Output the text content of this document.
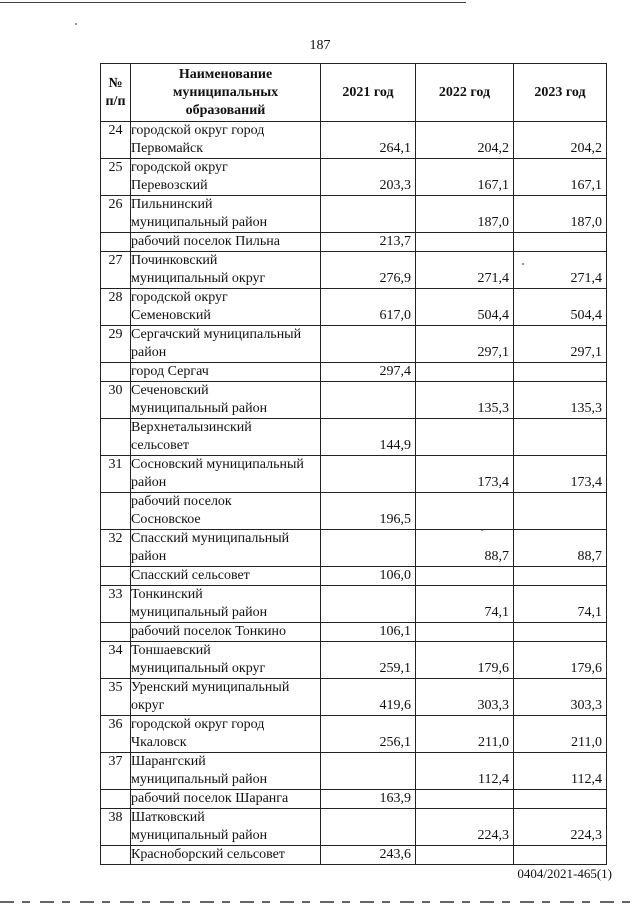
187
№
п/п	Наименование
муниципальных
образований	2021 год	2022 год	2023 год
24	городской округ город
Первомайск	264,1	204,2	204,2
25	городской округ
Перевозский	203,3	167,1	167,1
26	Пильнинский
муниципальный район		187,0	187,0
	рабочий поселок Пильна	213,7		
27	Починковский
муниципальный округ	276,9	271,4	271,4
28	городской округ
Семеновский	617,0	504,4	504,4
29	Сергачский муниципальный
район		297,1	297,1
	город Сергач	297,4		
30	Сеченовский
муниципальный район		135,3	135,3
	Верхнеталызинский
сельсовет	144,9		
31	Сосновский муниципальный
район		173,4	173,4
	рабочий поселок
Сосновское	196,5		
32	Спасский муниципальный
район		88,7	88,7
	Спасский сельсовет	106,0		
33	Тонкинский
муниципальный район		74,1	74,1
	рабочий поселок Тонкино	106,1		
34	Тоншаевский
муниципальный округ	259,1	179,6	179,6
35	Уренский муниципальный
округ	419,6	303,3	303,3
36	городской округ город
Чкаловск	256,1	211,0	211,0
37	Шарангский
муниципальный район		112,4	112,4
	рабочий поселок Шаранга	163,9		
38	Шатковский
муниципальный район		224,3	224,3
	Красноборский сельсовет	243,6		
0404/2021-465(1)
